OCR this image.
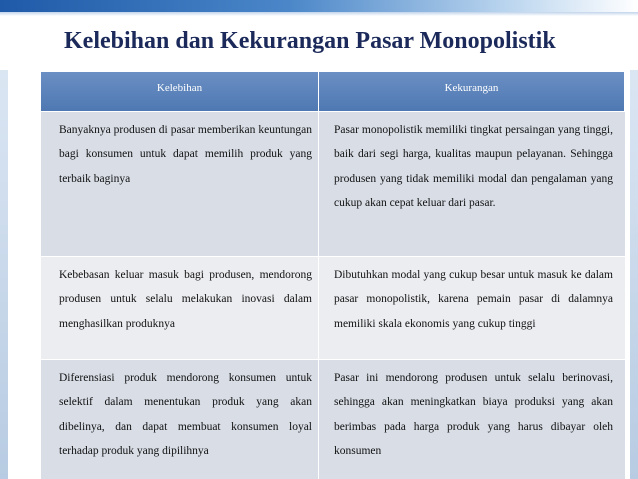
Kelebihan dan Kekurangan Pasar Monopolistik
Kelebihan	Kekurangan
Banyaknya produsen di pasar memberikan keuntungan bagi konsumen untuk dapat memilih produk yang terbaik baginya
Pasar monopolistik memiliki tingkat persaingan yang tinggi, baik dari segi harga, kualitas maupun pelayanan. Sehingga produsen yang tidak memiliki modal dan pengalaman yang cukup akan cepat keluar dari pasar.
Kebebasan keluar masuk bagi produsen, mendorong produsen untuk selalu melakukan inovasi dalam menghasilkan produknya
Dibutuhkan modal yang cukup besar untuk masuk ke dalam pasar monopolistik, karena pemain pasar di dalamnya memiliki skala ekonomis yang cukup tinggi
Diferensiasi produk mendorong konsumen untuk selektif dalam menentukan produk yang akan dibelinya, dan dapat membuat konsumen loyal terhadap produk yang dipilihnya
Pasar ini mendorong produsen untuk selalu berinovasi, sehingga akan meningkatkan biaya produksi yang akan berimbas pada harga produk yang harus dibayar oleh konsumen
